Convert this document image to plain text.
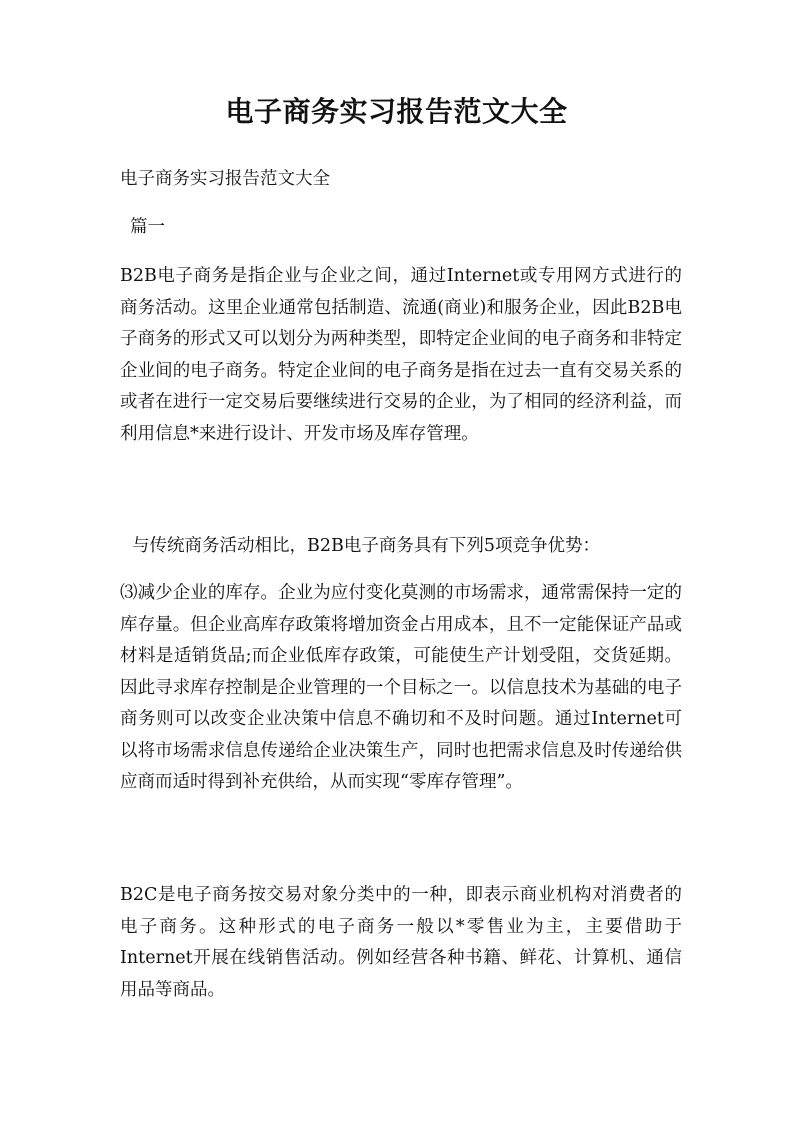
电子商务实习报告范文大全

电子商务实习报告范文大全

篇一

B2B电子商务是指企业与企业之间，通过Internet或专用网方式进行的商务活动。这里企业通常包括制造、流通(商业)和服务企业，因此B2B电子商务的形式又可以划分为两种类型，即特定企业间的电子商务和非特定企业间的电子商务。特定企业间的电子商务是指在过去一直有交易关系的或者在进行一定交易后要继续进行交易的企业，为了相同的经济利益，而利用信息*来进行设计、开发市场及库存管理。

与传统商务活动相比，B2B电子商务具有下列5项竞争优势：

⑶减少企业的库存。企业为应付变化莫测的市场需求，通常需保持一定的库存量。但企业高库存政策将增加资金占用成本，且不一定能保证产品或材料是适销货品;而企业低库存政策，可能使生产计划受阻，交货延期。因此寻求库存控制是企业管理的一个目标之一。以信息技术为基础的电子商务则可以改变企业决策中信息不确切和不及时问题。通过Internet可以将市场需求信息传递给企业决策生产，同时也把需求信息及时传递给供应商而适时得到补充供给，从而实现“零库存管理”。

B2C是电子商务按交易对象分类中的一种，即表示商业机构对消费者的电子商务。这种形式的电子商务一般以*零售业为主，主要借助于Internet开展在线销售活动。例如经营各种书籍、鲜花、计算机、通信用品等商品。
